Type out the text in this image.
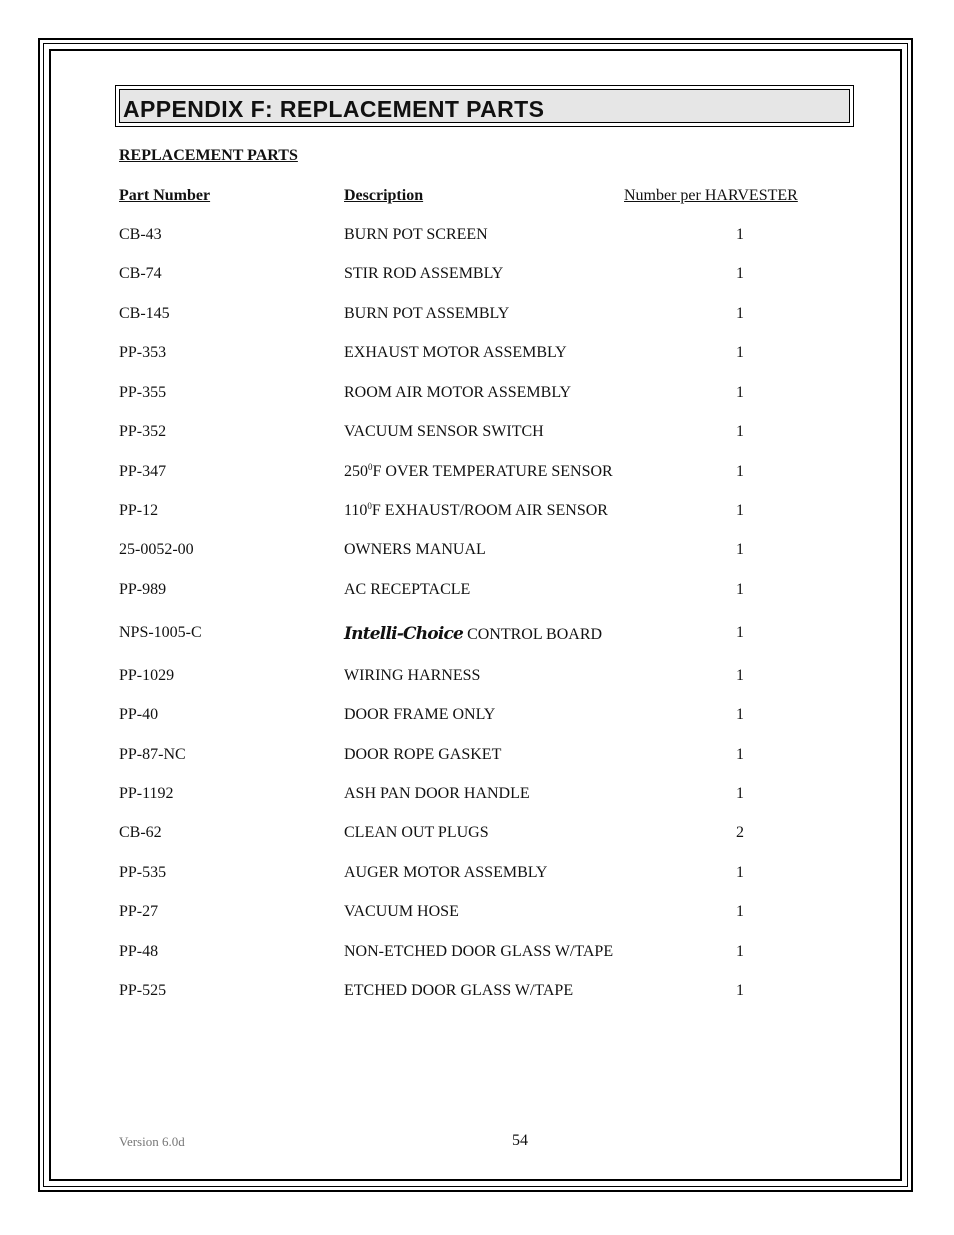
APPENDIX F: REPLACEMENT PARTS
REPLACEMENT PARTS
Part Number	Description	Number per HARVESTER
CB-43	BURN POT SCREEN	1
CB-74	STIR ROD ASSEMBLY	1
CB-145	BURN POT ASSEMBLY	1
PP-353	EXHAUST MOTOR ASSEMBLY	1
PP-355	ROOM AIR MOTOR ASSEMBLY	1
PP-352	VACUUM SENSOR SWITCH	1
PP-347	$250^0F$ OVER TEMPERATURE SENSOR	1
PP-12	$110^0F$ EXHAUST/ROOM AIR SENSOR	1
25-0052-00	OWNERS MANUAL	1
PP-989	AC RECEPTACLE	1
NPS-1005-C	Intelli-Choice CONTROL BOARD	1
PP-1029	WIRING HARNESS	1
PP-40	DOOR FRAME ONLY	1
PP-87-NC	DOOR ROPE GASKET	1
PP-1192	ASH PAN DOOR HANDLE	1
CB-62	CLEAN OUT PLUGS	2
PP-535	AUGER MOTOR ASSEMBLY	1
PP-27	VACUUM HOSE	1
PP-48	NON-ETCHED DOOR GLASS W/TAPE	1
PP-525	ETCHED DOOR GLASS W/TAPE	1
Version 6.0d	54
